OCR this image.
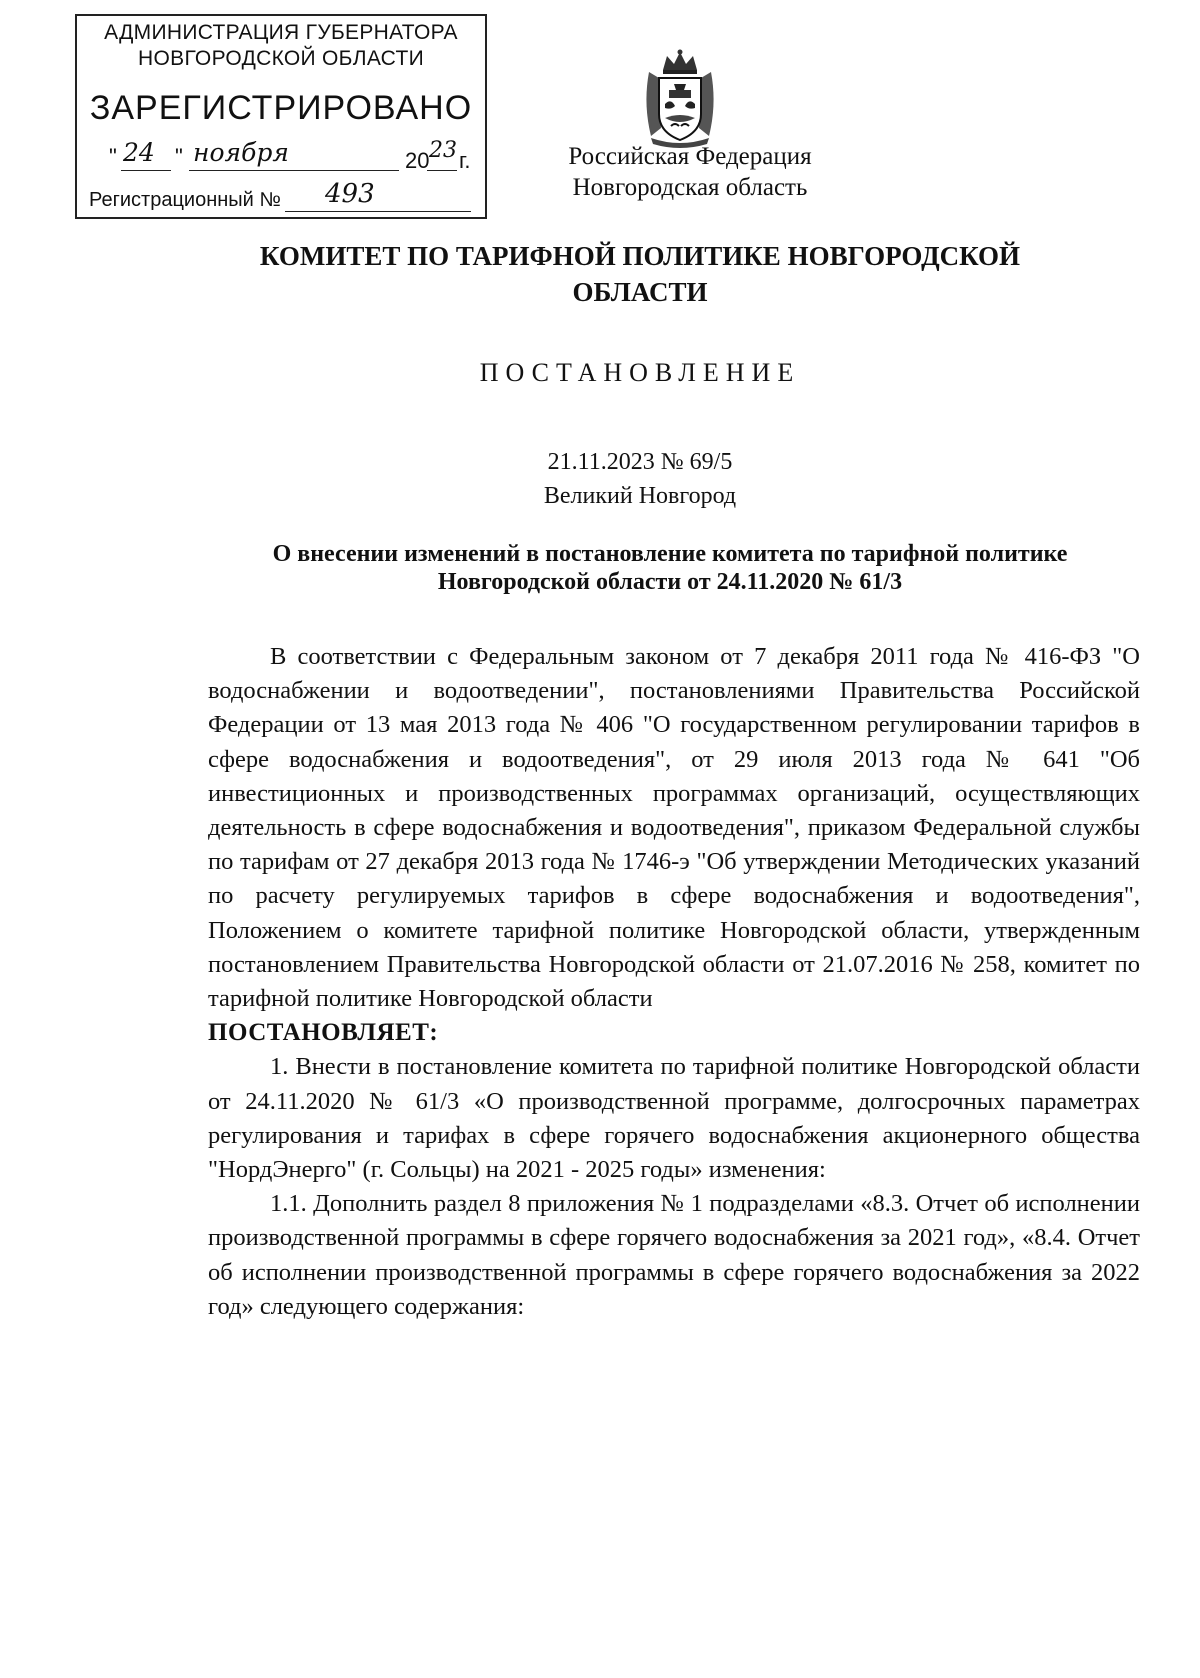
АДМИНИСТРАЦИЯ ГУБЕРНАТОРА
НОВГОРОДСКОЙ ОБЛАСТИ
ЗАРЕГИСТРИРОВАНО
" 24 " ноября	20 23 г.
Регистрационный № 493
Российская Федерация
Новгородская область
КОМИТЕТ ПО ТАРИФНОЙ ПОЛИТИКЕ НОВГОРОДСКОЙ
ОБЛАСТИ
ПОСТАНОВЛЕНИЕ
21.11.2023 № 69/5
Великий Новгород
О внесении изменений в постановление комитета по тарифной политике
Новгородской области от 24.11.2020 № 61/3

В соответствии с Федеральным законом от 7 декабря 2011 года № 416-ФЗ "О водоснабжении и водоотведении", постановлениями Правительства Российской Федерации от 13 мая 2013 года № 406 "О государственном регулировании тарифов в сфере водоснабжения и водоотведения", от 29 июля 2013 года № 641 "Об инвестиционных и производственных программах организаций, осуществляющих деятельность в сфере водоснабжения и водоотведения", приказом Федеральной службы по тарифам от 27 декабря 2013 года № 1746-э "Об утверждении Методических указаний по расчету регулируемых тарифов в сфере водоснабжения и водоотведения", Положением о комитете тарифной политике Новгородской области, утвержденным постановлением Правительства Новгородской области от 21.07.2016 № 258, комитет по тарифной политике Новгородской области

ПОСТАНОВЛЯЕТ:

1. Внести в постановление комитета по тарифной политике Новгородской области от 24.11.2020 № 61/3 «О производственной программе, долгосрочных параметрах регулирования и тарифах в сфере горячего водоснабжения акционерного общества "НордЭнерго" (г. Сольцы) на 2021 - 2025 годы» изменения:

1.1. Дополнить раздел 8 приложения № 1 подразделами «8.3. Отчет об исполнении производственной программы в сфере горячего водоснабжения за 2021 год», «8.4. Отчет об исполнении производственной программы в сфере горячего водоснабжения за 2022 год» следующего содержания:
